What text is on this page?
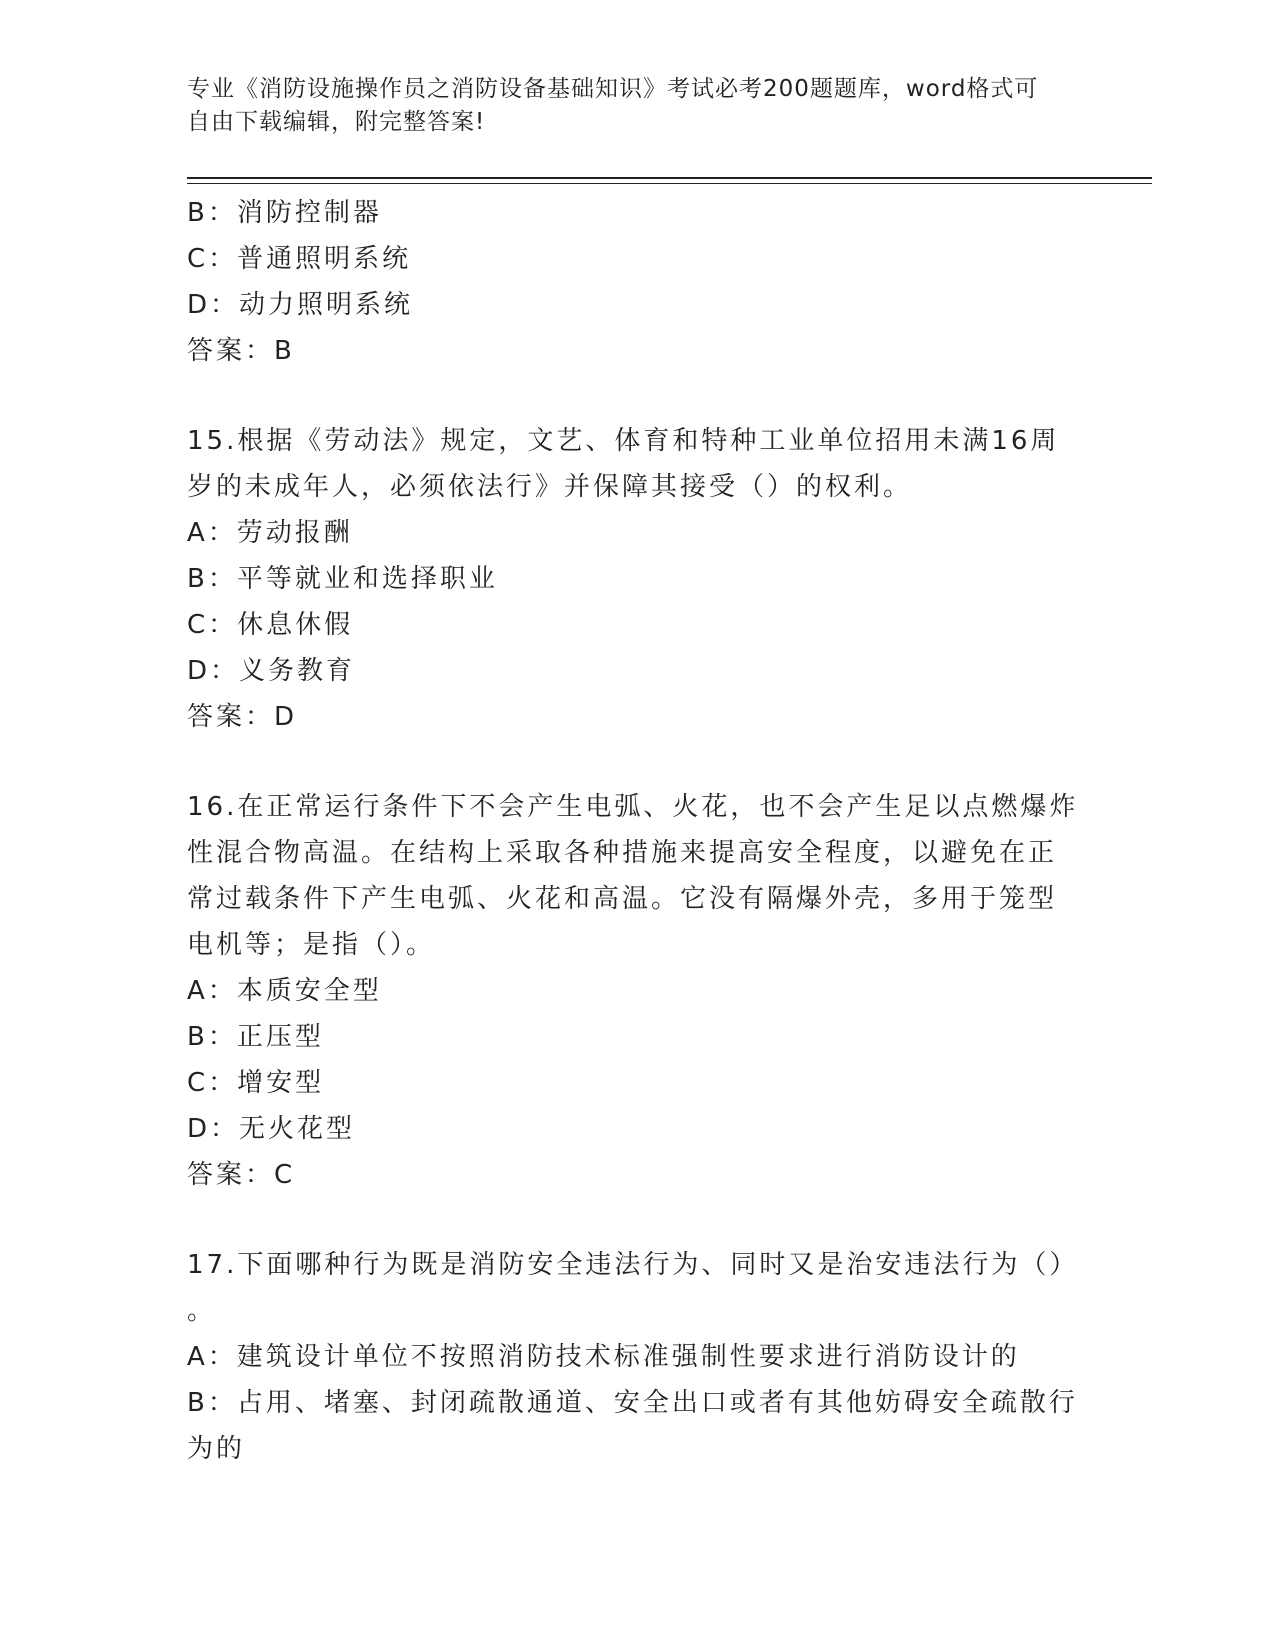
专业《消防设施操作员之消防设备基础知识》考试必考200题题库，word格式可
自由下载编辑，附完整答案!
B：消防控制器
C：普通照明系统
D：动力照明系统
答案：B
15.根据《劳动法》规定，文艺、体育和特种工业单位招用未满16周
岁的未成年人，必须依法行》并保障其接受（）的权利。
A：劳动报酬
B：平等就业和选择职业
C：休息休假
D：义务教育
答案：D
16.在正常运行条件下不会产生电弧、火花，也不会产生足以点燃爆炸
性混合物高温。在结构上采取各种措施来提高安全程度，以避免在正
常过载条件下产生电弧、火花和高温。它没有隔爆外壳，多用于笼型
电机等；是指（）。
A：本质安全型
B：正压型
C：增安型
D：无火花型
答案：C
17.下面哪种行为既是消防安全违法行为、同时又是治安违法行为（）
。
A：建筑设计单位不按照消防技术标准强制性要求进行消防设计的
B：占用、堵塞、封闭疏散通道、安全出口或者有其他妨碍安全疏散行
为的
